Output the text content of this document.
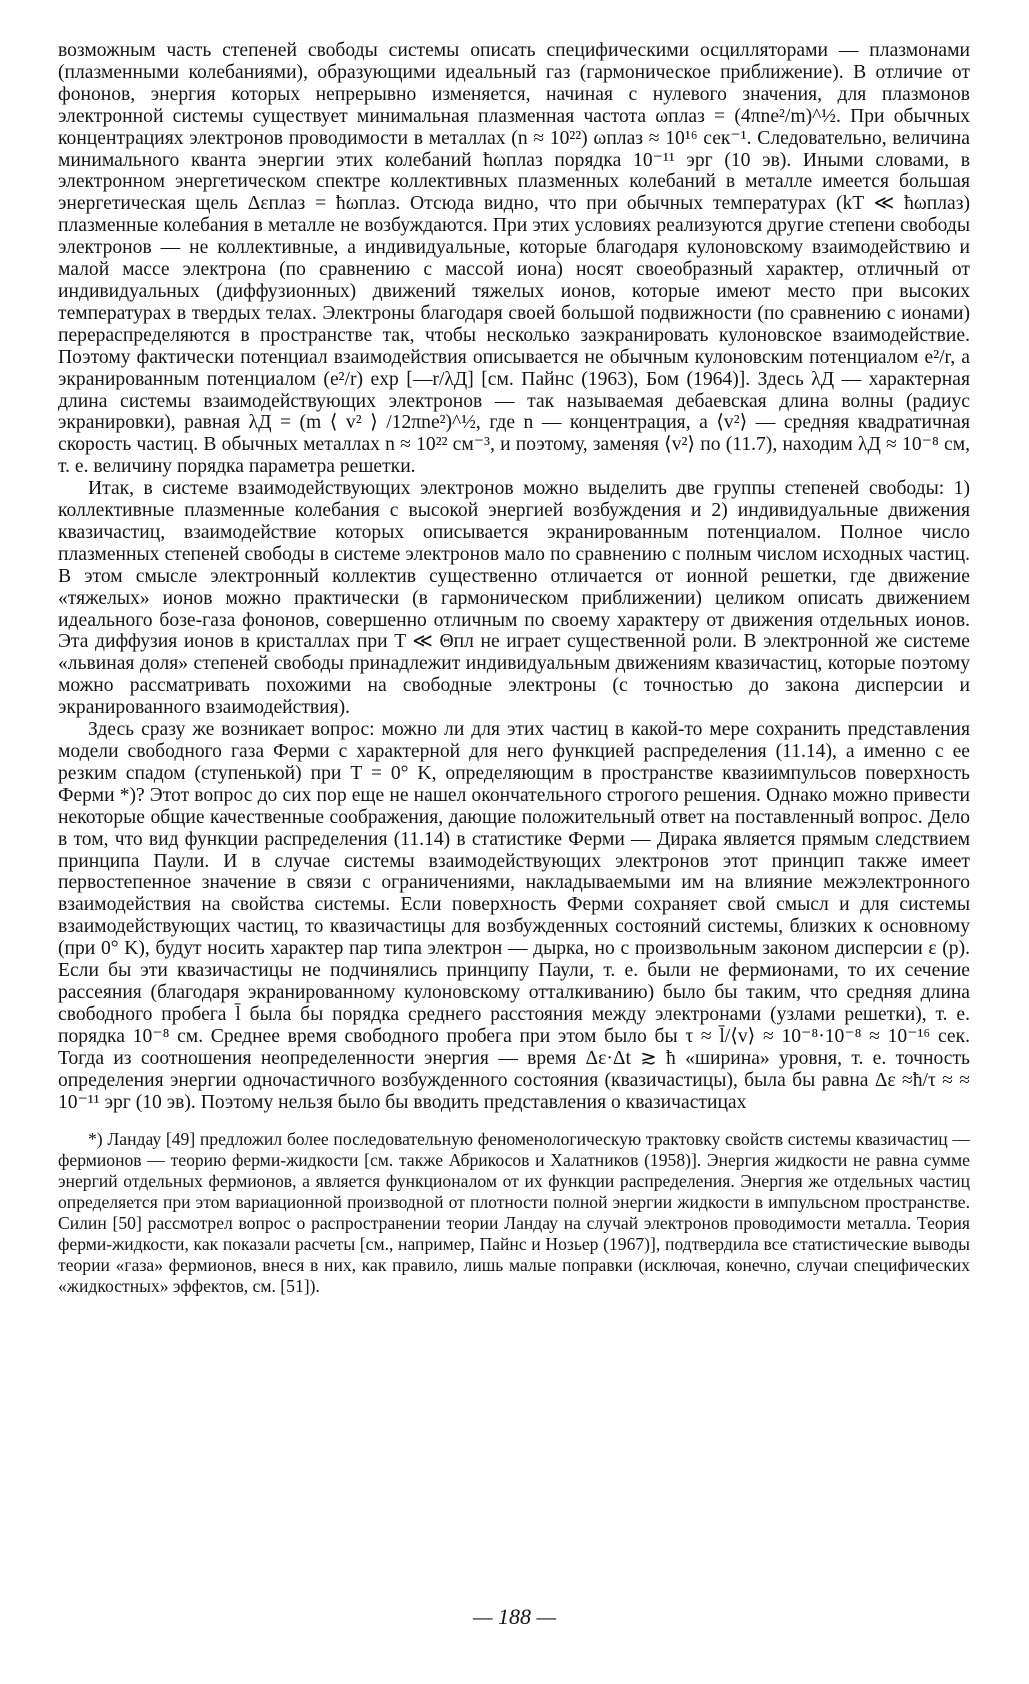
возможным часть степеней свободы системы описать специфическими осцилляторами — плазмонами (плазменными колебаниями), образующими идеальный газ (гармоническое приближение). В отличие от фононов, энергия которых непрерывно изменяется, начиная с нулевого значения, для плазмонов электронной системы существует минимальная плазменная частота ωплаз = (4πne²/m)^½. При обычных концентрациях электронов проводимости в металлах (n ≈ 10²²) ωплаз ≈ 10¹⁶ сек⁻¹. Следовательно, величина минимального кванта энергии этих колебаний ħωплаз порядка 10⁻¹¹ эрг (10 эв). Иными словами, в электронном энергетическом спектре коллективных плазменных колебаний в металле имеется большая энергетическая щель Δεплаз = ħωплаз. Отсюда видно, что при обычных температурах (kT ≪ ħωплаз) плазменные колебания в металле не возбуждаются. При этих условиях реализуются другие степени свободы электронов — не коллективные, а индивидуальные, которые благодаря кулоновскому взаимодействию и малой массе электрона (по сравнению с массой иона) носят своеобразный характер, отличный от индивидуальных (диффузионных) движений тяжелых ионов, которые имеют место при высоких температурах в твердых телах. Электроны благодаря своей большой подвижности (по сравнению с ионами) перераспределяются в пространстве так, чтобы несколько заэкранировать кулоновское взаимодействие. Поэтому фактически потенциал взаимодействия описывается не обычным кулоновским потенциалом e²/r, а экранированным потенциалом (e²/r) exp [—r/λД] [см. Пайнс (1963), Бом (1964)]. Здесь λД — характерная длина системы взаимодействующих электронов — так называемая дебаевская длина волны (радиус экранировки), равная λД = (m ⟨ v² ⟩ /12πne²)^½, где n — концентрация, а ⟨v²⟩ — средняя квадратичная скорость частиц. В обычных металлах n ≈ 10²² см⁻³, и поэтому, заменяя ⟨v²⟩ по (11.7), находим λД ≈ 10⁻⁸ см, т. е. величину порядка параметра решетки.

Итак, в системе взаимодействующих электронов можно выделить две группы степеней свободы: 1) коллективные плазменные колебания с высокой энергией возбуждения и 2) индивидуальные движения квазичастиц, взаимодействие которых описывается экранированным потенциалом. Полное число плазменных степеней свободы в системе электронов мало по сравнению с полным числом исходных частиц. В этом смысле электронный коллектив существенно отличается от ионной решетки, где движение «тяжелых» ионов можно практически (в гармоническом приближении) целиком описать движением идеального бозе-газа фононов, совершенно отличным по своему характеру от движения отдельных ионов. Эта диффузия ионов в кристаллах при T ≪ Θпл не играет существенной роли. В электронной же системе «львиная доля» степеней свободы принадлежит индивидуальным движениям квазичастиц, которые поэтому можно рассматривать похожими на свободные электроны (с точностью до закона дисперсии и экранированного взаимодействия).

Здесь сразу же возникает вопрос: можно ли для этих частиц в какой-то мере сохранить представления модели свободного газа Ферми с характерной для него функцией распределения (11.14), а именно с ее резким спадом (ступенькой) при T = 0° K, определяющим в пространстве квазиимпульсов поверхность Ферми *)? Этот вопрос до сих пор еще не нашел окончательного строгого решения. Однако можно привести некоторые общие качественные соображения, дающие положительный ответ на поставленный вопрос. Дело в том, что вид функции распределения (11.14) в статистике Ферми — Дирака является прямым следствием принципа Паули. И в случае системы взаимодействующих электронов этот принцип также имеет первостепенное значение в связи с ограничениями, накладываемыми им на влияние межэлектронного взаимодействия на свойства системы. Если поверхность Ферми сохраняет свой смысл и для системы взаимодействующих частиц, то квазичастицы для возбужденных состояний системы, близких к основному (при 0° K), будут носить характер пар типа электрон — дырка, но с произвольным законом дисперсии ε (p). Если бы эти квазичастицы не подчинялись принципу Паули, т. е. были не фермионами, то их сечение рассеяния (благодаря экранированному кулоновскому отталкиванию) было бы таким, что средняя длина свободного пробега l̄ была бы порядка среднего расстояния между электронами (узлами решетки), т. е. порядка 10⁻⁸ см. Среднее время свободного пробега при этом было бы τ ≈ l̄/⟨v⟩ ≈ 10⁻⁸·10⁻⁸ ≈ 10⁻¹⁶ сек. Тогда из соотношения неопределенности энергия — время Δε·Δt ≳ ħ «ширина» уровня, т. е. точность определения энергии одночастичного возбужденного состояния (квазичастицы), была бы равна Δε ≈ħ/τ ≈ ≈ 10⁻¹¹ эрг (10 эв). Поэтому нельзя было бы вводить представления о квазичастицах

*) Ландау [49] предложил более последовательную феноменологическую трактовку свойств системы квазичастиц — фермионов — теорию ферми-жидкости [см. также Абрикосов и Халатников (1958)]. Энергия жидкости не равна сумме энергий отдельных фермионов, а является функционалом от их функции распределения. Энергия же отдельных частиц определяется при этом вариационной производной от плотности полной энергии жидкости в импульсном пространстве. Силин [50] рассмотрел вопрос о распространении теории Ландау на случай электронов проводимости металла. Теория ферми-жидкости, как показали расчеты [см., например, Пайнс и Нозьер (1967)], подтвердила все статистические выводы теории «газа» фермионов, внеся в них, как правило, лишь малые поправки (исключая, конечно, случаи специфических «жидкостных» эффектов, см. [51]).

— 188 —
